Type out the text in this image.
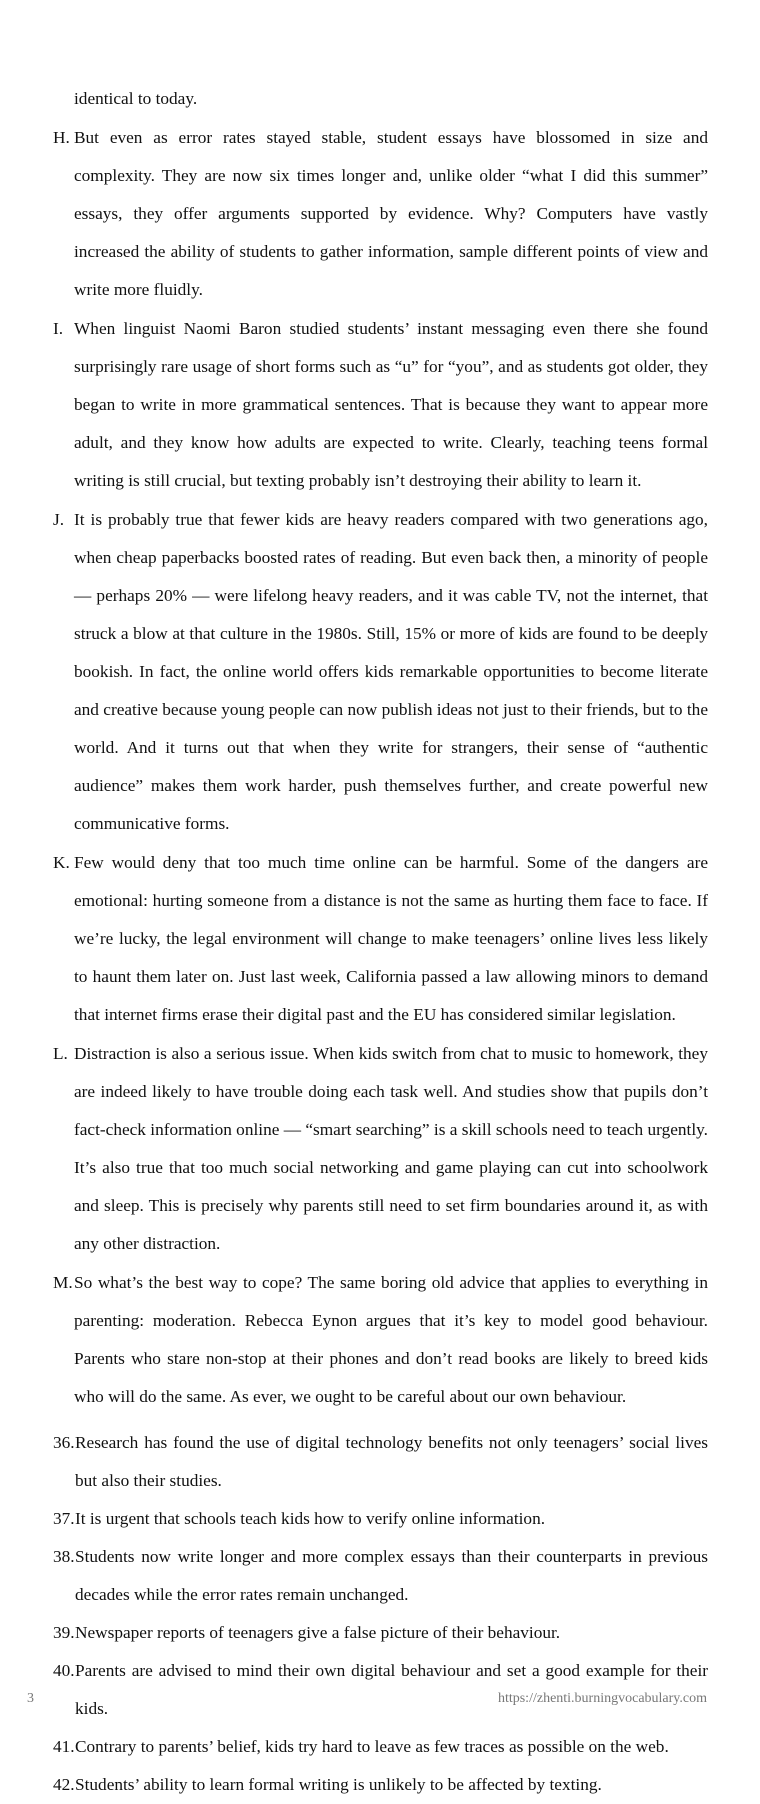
identical to today.
H. But even as error rates stayed stable, student essays have blossomed in size and complexity. They are now six times longer and, unlike older “what I did this summer” essays, they offer arguments supported by evidence. Why? Computers have vastly increased the ability of students to gather information, sample different points of view and write more fluidly.
I. When linguist Naomi Baron studied students’ instant messaging even there she found surprisingly rare usage of short forms such as “u” for “you”, and as students got older, they began to write in more grammatical sentences. That is because they want to appear more adult, and they know how adults are expected to write. Clearly, teaching teens formal writing is still crucial, but texting probably isn’t destroying their ability to learn it.
J. It is probably true that fewer kids are heavy readers compared with two generations ago, when cheap paperbacks boosted rates of reading. But even back then, a minority of people — perhaps 20% — were lifelong heavy readers, and it was cable TV, not the internet, that struck a blow at that culture in the 1980s. Still, 15% or more of kids are found to be deeply bookish. In fact, the online world offers kids remarkable opportunities to become literate and creative because young people can now publish ideas not just to their friends, but to the world. And it turns out that when they write for strangers, their sense of “authentic audience” makes them work harder, push themselves further, and create powerful new communicative forms.
K. Few would deny that too much time online can be harmful. Some of the dangers are emotional: hurting someone from a distance is not the same as hurting them face to face. If we’re lucky, the legal environment will change to make teenagers’ online lives less likely to haunt them later on. Just last week, California passed a law allowing minors to demand that internet firms erase their digital past and the EU has considered similar legislation.
L. Distraction is also a serious issue. When kids switch from chat to music to homework, they are indeed likely to have trouble doing each task well. And studies show that pupils don’t fact-check information online — “smart searching” is a skill schools need to teach urgently. It’s also true that too much social networking and game playing can cut into schoolwork and sleep. This is precisely why parents still need to set firm boundaries around it, as with any other distraction.
M. So what’s the best way to cope? The same boring old advice that applies to everything in parenting: moderation. Rebecca Eynon argues that it’s key to model good behaviour. Parents who stare non-stop at their phones and don’t read books are likely to breed kids who will do the same. As ever, we ought to be careful about our own behaviour.
36. Research has found the use of digital technology benefits not only teenagers’ social lives but also their studies.
37. It is urgent that schools teach kids how to verify online information.
38. Students now write longer and more complex essays than their counterparts in previous decades while the error rates remain unchanged.
39. Newspaper reports of teenagers give a false picture of their behaviour.
40. Parents are advised to mind their own digital behaviour and set a good example for their kids.
41. Contrary to parents’ belief, kids try hard to leave as few traces as possible on the web.
42. Students’ ability to learn formal writing is unlikely to be affected by texting.
3	https://zhenti.burningvocabulary.com
